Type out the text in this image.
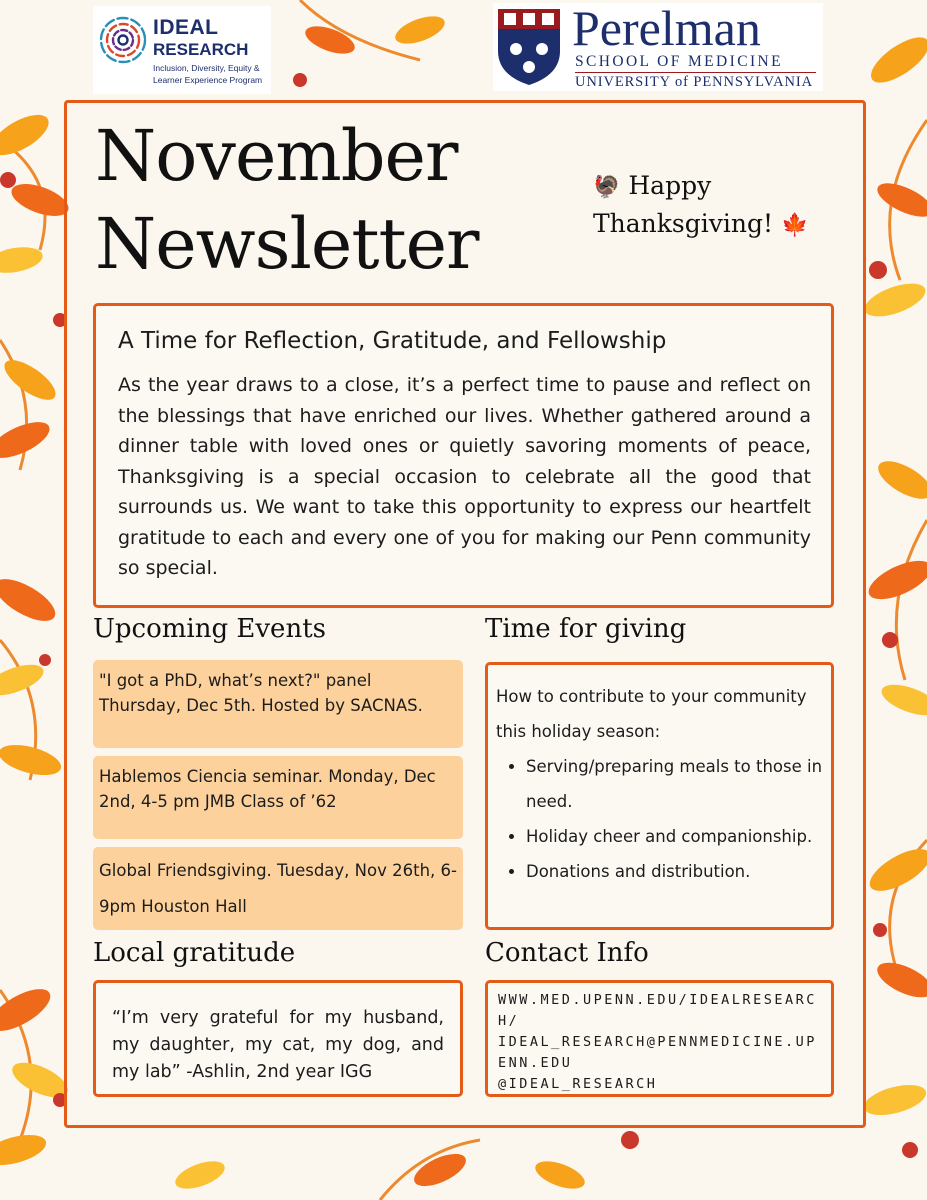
IDEAL
RESEARCH
Inclusion, Diversity, Equity & Learner Experience Program
Perelman
SCHOOL OF MEDICINE
UNIVERSITY of PENNSYLVANIA
November
Newsletter
🦃 Happy
Thanksgiving! 🍁
A Time for Reflection, Gratitude, and Fellowship

As the year draws to a close, it’s a perfect time to pause and reflect on the blessings that have enriched our lives. Whether gathered around a dinner table with loved ones or quietly savoring moments of peace, Thanksgiving is a special occasion to celebrate all the good that surrounds us. We want to take this opportunity to express our heartfelt gratitude to each and every one of you for making our Penn community so special.

Upcoming Events
"I got a PhD, what’s next?" panel Thursday, Dec 5th. Hosted by SACNAS.
Hablemos Ciencia seminar. Monday, Dec 2nd, 4-5 pm JMB Class of ’62
Global Friendsgiving. Tuesday, Nov 26th, 6-9pm Houston Hall
Time for giving
How to contribute to your community this holiday season:
• Serving/preparing meals to those in need.
• Holiday cheer and companionship.
• Donations and distribution.
Local gratitude
“I’m very grateful for my husband, my daughter, my cat, my dog, and my lab” -Ashlin, 2nd year IGG
Contact Info
WWW.MED.UPENN.EDU/IDEALRESEARCH/
IDEAL_RESEARCH@PENNMEDICINE.UPENN.EDU
@IDEAL_RESEARCH
